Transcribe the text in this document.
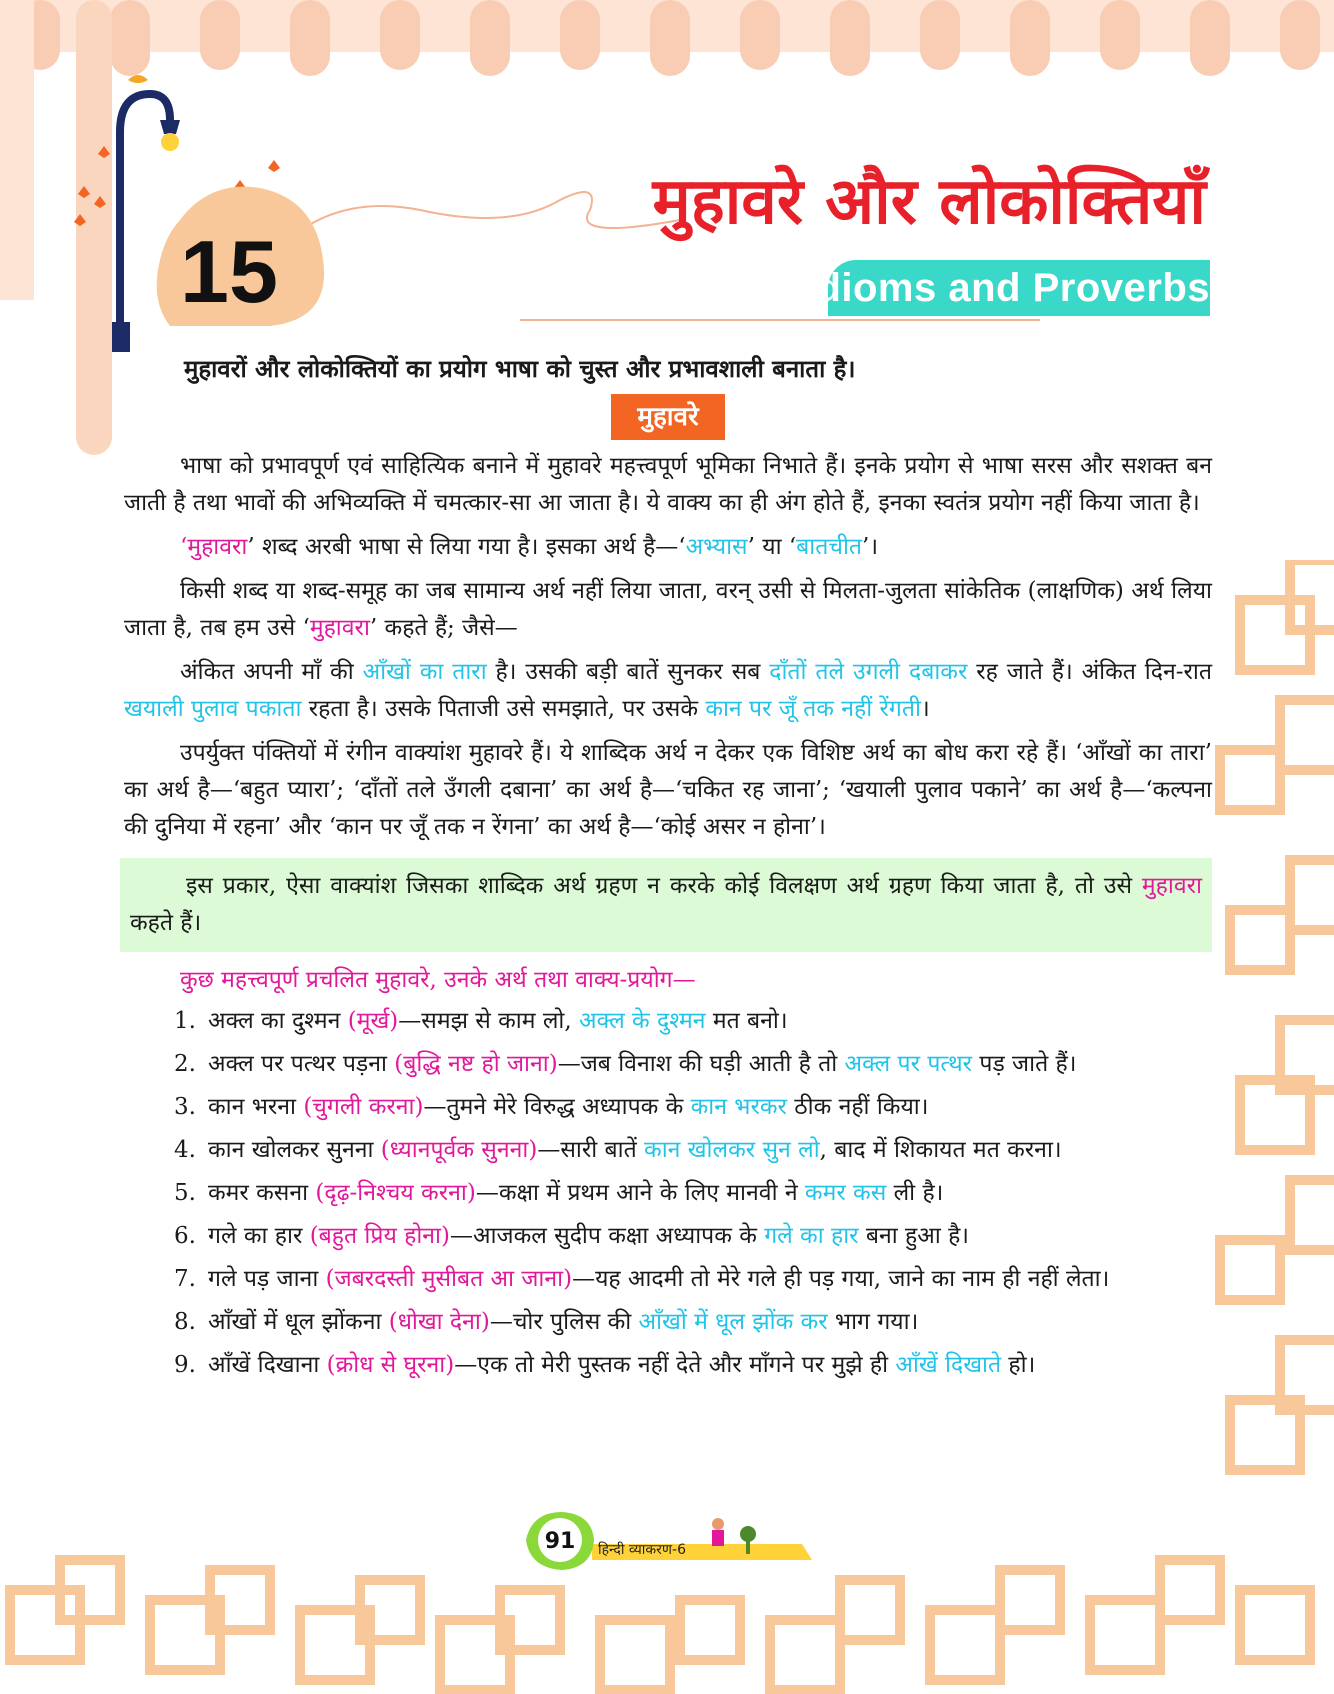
15
मुहावरे और लोकोक्तियाँ
Idioms and Proverbs

मुहावरों और लोकोक्तियों का प्रयोग भाषा को चुस्त और प्रभावशाली बनाता है।

मुहावरे

भाषा को प्रभावपूर्ण एवं साहित्यिक बनाने में मुहावरे महत्त्वपूर्ण भूमिका निभाते हैं। इनके प्रयोग से भाषा सरस और सशक्त बन जाती है तथा भावों की अभिव्यक्ति में चमत्कार-सा आ जाता है। ये वाक्य का ही अंग होते हैं, इनका स्वतंत्र प्रयोग नहीं किया जाता है।

‘मुहावरा’ शब्द अरबी भाषा से लिया गया है। इसका अर्थ है—‘अभ्यास’ या ‘बातचीत’।

किसी शब्द या शब्द-समूह का जब सामान्य अर्थ नहीं लिया जाता, वरन् उसी से मिलता-जुलता सांकेतिक (लाक्षणिक) अर्थ लिया जाता है, तब हम उसे ‘मुहावरा’ कहते हैं; जैसे—

अंकित अपनी माँ की आँखों का तारा है। उसकी बड़ी बातें सुनकर सब दाँतों तले उगली दबाकर रह जाते हैं। अंकित दिन-रात खयाली पुलाव पकाता रहता है। उसके पिताजी उसे समझाते, पर उसके कान पर जूँ तक नहीं रेंगती।

उपर्युक्त पंक्तियों में रंगीन वाक्यांश मुहावरे हैं। ये शाब्दिक अर्थ न देकर एक विशिष्ट अर्थ का बोध करा रहे हैं। ‘आँखों का तारा’ का अर्थ है—‘बहुत प्यारा’; ‘दाँतों तले उँगली दबाना’ का अर्थ है—‘चकित रह जाना’; ‘खयाली पुलाव पकाने’ का अर्थ है—‘कल्पना की दुनिया में रहना’ और ‘कान पर जूँ तक न रेंगना’ का अर्थ है—‘कोई असर न होना’।

इस प्रकार, ऐसा वाक्यांश जिसका शाब्दिक अर्थ ग्रहण न करके कोई विलक्षण अर्थ ग्रहण किया जाता है, तो उसे मुहावरा कहते हैं।

कुछ महत्त्वपूर्ण प्रचलित मुहावरे, उनके अर्थ तथा वाक्य-प्रयोग—

1. अक्ल का दुश्मन (मूर्ख)—समझ से काम लो, अक्ल के दुश्मन मत बनो।
2. अक्ल पर पत्थर पड़ना (बुद्धि नष्ट हो जाना)—जब विनाश की घड़ी आती है तो अक्ल पर पत्थर पड़ जाते हैं।
3. कान भरना (चुगली करना)—तुमने मेरे विरुद्ध अध्यापक के कान भरकर ठीक नहीं किया।
4. कान खोलकर सुनना (ध्यानपूर्वक सुनना)—सारी बातें कान खोलकर सुन लो, बाद में शिकायत मत करना।
5. कमर कसना (दृढ़-निश्चय करना)—कक्षा में प्रथम आने के लिए मानवी ने कमर कस ली है।
6. गले का हार (बहुत प्रिय होना)—आजकल सुदीप कक्षा अध्यापक के गले का हार बना हुआ है।
7. गले पड़ जाना (जबरदस्ती मुसीबत आ जाना)—यह आदमी तो मेरे गले ही पड़ गया, जाने का नाम ही नहीं लेता।
8. आँखों में धूल झोंकना (धोखा देना)—चोर पुलिस की आँखों में धूल झोंक कर भाग गया।
9. आँखें दिखाना (क्रोध से घूरना)—एक तो मेरी पुस्तक नहीं देते और माँगने पर मुझे ही आँखें दिखाते हो।
91	हिन्दी व्याकरण-6
